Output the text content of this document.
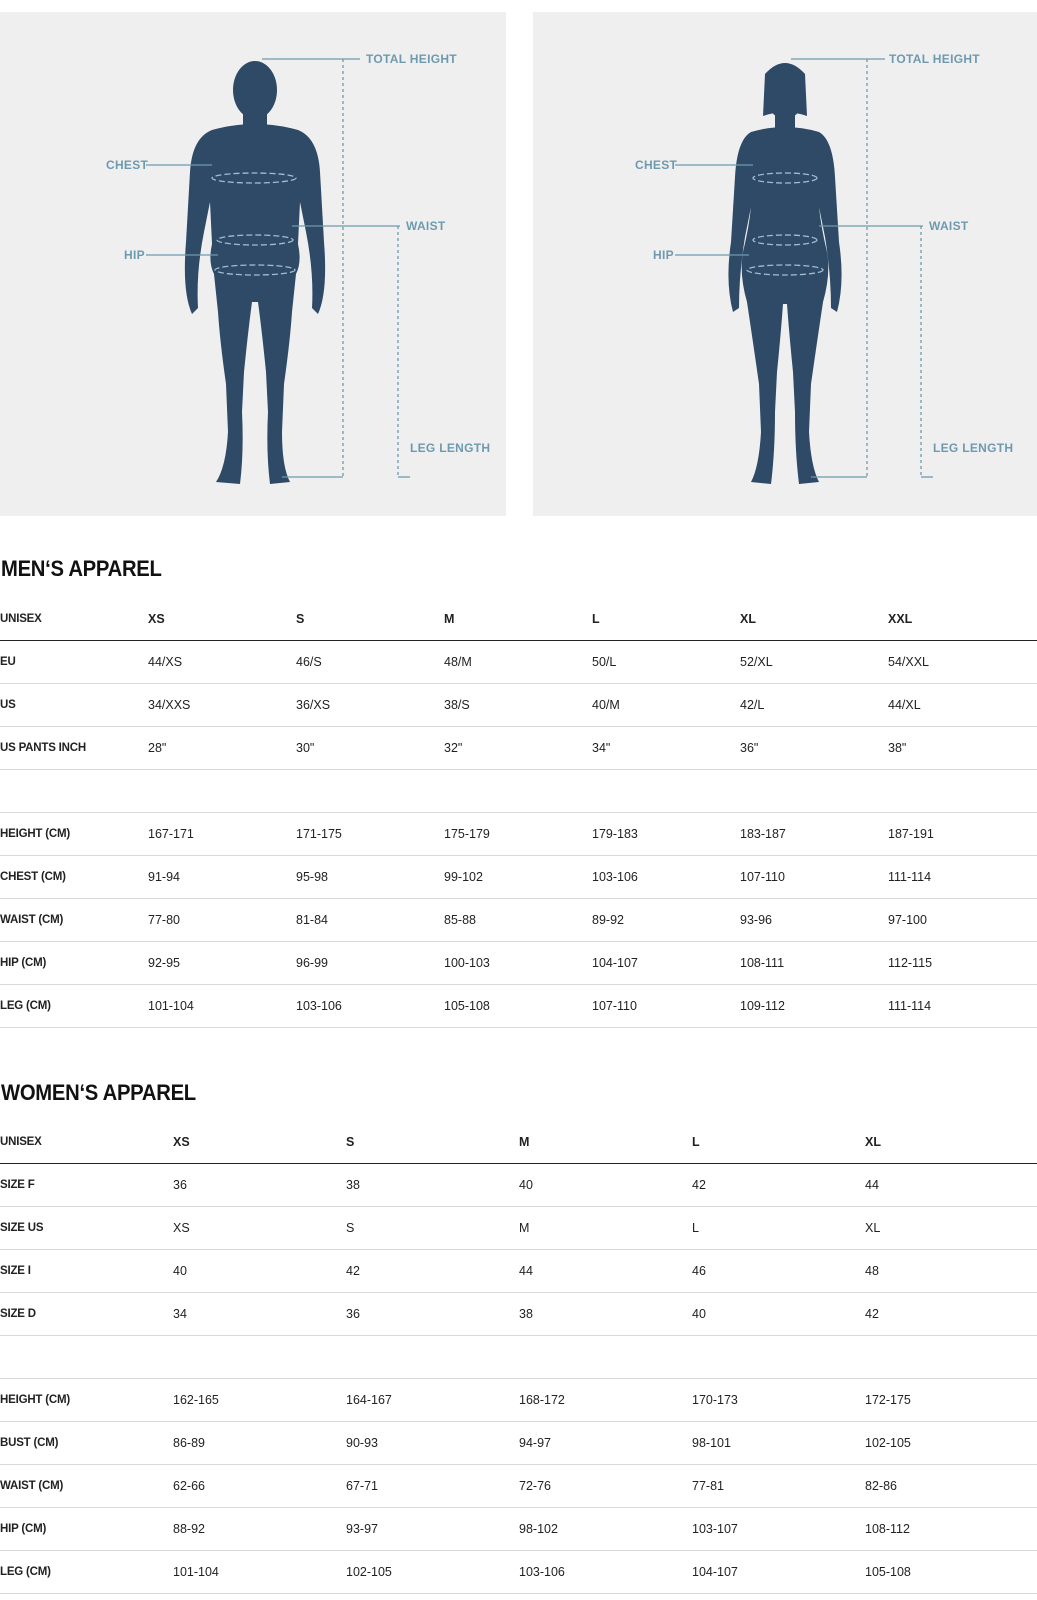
TOTAL HEIGHT
CHEST
WAIST
HIP
LEG LENGTH
TOTAL HEIGHT
CHEST
WAIST
HIP
LEG LENGTH
MEN‘S APPAREL
UNISEX	XS	S	M	L	XL	XXL
EU	44/XS	46/S	48/M	50/L	52/XL	54/XXL
US	34/XXS	36/XS	38/S	40/M	42/L	44/XL
US PANTS INCH	28"	30"	32"	34"	36"	38"

HEIGHT (CM)	167-171	171-175	175-179	179-183	183-187	187-191
CHEST (CM)	91-94	95-98	99-102	103-106	107-110	111-114
WAIST (CM)	77-80	81-84	85-88	89-92	93-96	97-100
HIP (CM)	92-95	96-99	100-103	104-107	108-111	112-115
LEG (CM)	101-104	103-106	105-108	107-110	109-112	111-114
WOMEN‘S APPAREL
UNISEX	XS	S	M	L	XL
SIZE F	36	38	40	42	44
SIZE US	XS	S	M	L	XL
SIZE I	40	42	44	46	48
SIZE D	34	36	38	40	42

HEIGHT (CM)	162-165	164-167	168-172	170-173	172-175
BUST (CM)	86-89	90-93	94-97	98-101	102-105
WAIST (CM)	62-66	67-71	72-76	77-81	82-86
HIP (CM)	88-92	93-97	98-102	103-107	108-112
LEG (CM)	101-104	102-105	103-106	104-107	105-108
